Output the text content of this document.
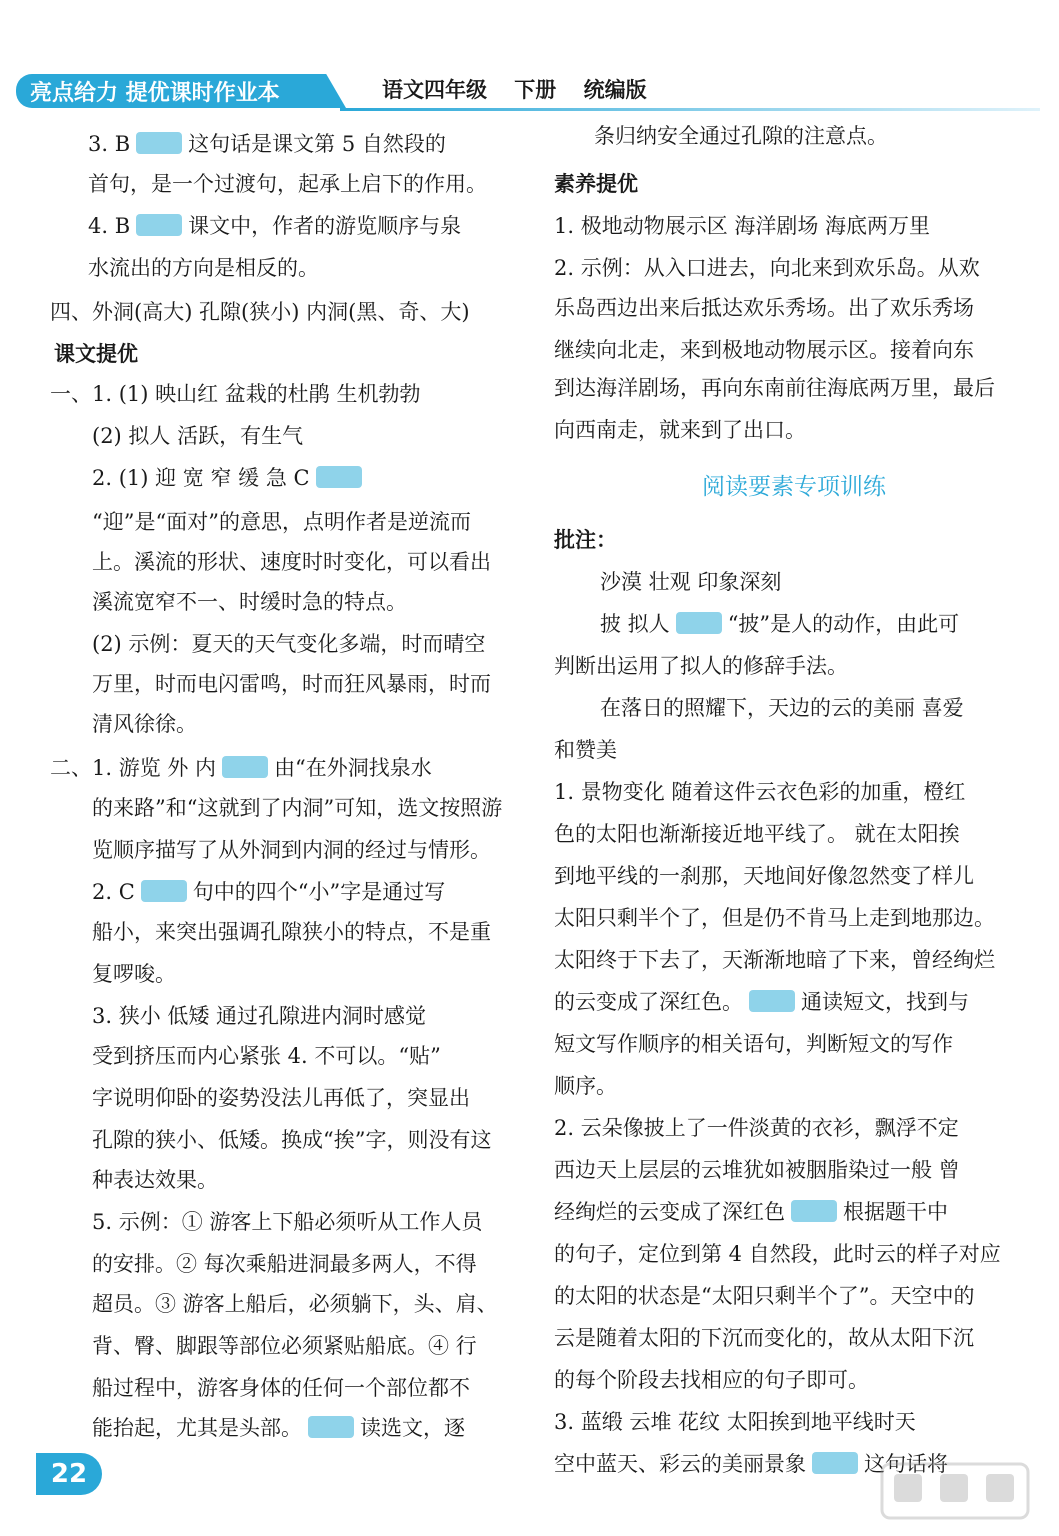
亮点给力 提优课时作业本	语文四年级 下册 统编版
3. B	这句话是课文第 5 自然段的
首句，是一个过渡句，起承上启下的作用。
4. B	课文中，作者的游览顺序与泉
水流出的方向是相反的。
四、外洞(高大) 孔隙(狭小) 内洞(黑、奇、大)
课文提优
一、1. (1) 映山红 盆栽的杜鹃 生机勃勃
(2) 拟人 活跃，有生气
2. (1) 迎 宽 窄 缓 急 C
“迎”是“面对”的意思，点明作者是逆流而
上。溪流的形状、速度时时变化，可以看出
溪流宽窄不一、时缓时急的特点。
(2) 示例：夏天的天气变化多端，时而晴空
万里，时而电闪雷鸣，时而狂风暴雨，时而
清风徐徐。
二、1. 游览 外 内	由“在外洞找泉水
的来路”和“这就到了内洞”可知，选文按照游
览顺序描写了从外洞到内洞的经过与情形。
2. C	句中的四个“小”字是通过写
船小，来突出强调孔隙狭小的特点，不是重
复啰唆。
3. 狭小 低矮 通过孔隙进内洞时感觉
受到挤压而内心紧张 4. 不可以。“贴”
字说明仰卧的姿势没法儿再低了，突显出
孔隙的狭小、低矮。换成“挨”字，则没有这
种表达效果。
5. 示例：① 游客上下船必须听从工作人员
的安排。② 每次乘船进洞最多两人，不得
超员。③ 游客上船后，必须躺下，头、肩、
背、臀、脚跟等部位必须紧贴船底。④ 行
船过程中，游客身体的任何一个部位都不
能抬起，尤其是头部。	读选文，逐
条归纳安全通过孔隙的注意点。
素养提优
1. 极地动物展示区 海洋剧场 海底两万里
2. 示例：从入口进去，向北来到欢乐岛。从欢
乐岛西边出来后抵达欢乐秀场。出了欢乐秀场
继续向北走，来到极地动物展示区。接着向东
到达海洋剧场，再向东南前往海底两万里，最后
向西南走，就来到了出口。
阅读要素专项训练
批注：
沙漠 壮观 印象深刻
披 拟人	“披”是人的动作，由此可
判断出运用了拟人的修辞手法。
在落日的照耀下，天边的云的美丽 喜爱
和赞美
1. 景物变化 随着这件云衣色彩的加重，橙红
色的太阳也渐渐接近地平线了。 就在太阳挨
到地平线的一刹那，天地间好像忽然变了样儿
太阳只剩半个了，但是仍不肯马上走到地那边。
太阳终于下去了，天渐渐地暗了下来，曾经绚烂
的云变成了深红色。	通读短文，找到与
短文写作顺序的相关语句，判断短文的写作
顺序。
2. 云朵像披上了一件淡黄的衣衫，飘浮不定
西边天上层层的云堆犹如被胭脂染过一般 曾
经绚烂的云变成了深红色	根据题干中
的句子，定位到第 4 自然段，此时云的样子对应
的太阳的状态是“太阳只剩半个了”。天空中的
云是随着太阳的下沉而变化的，故从太阳下沉
的每个阶段去找相应的句子即可。
3. 蓝缎 云堆 花纹 太阳挨到地平线时天
空中蓝天、彩云的美丽景象	这句话将
22
